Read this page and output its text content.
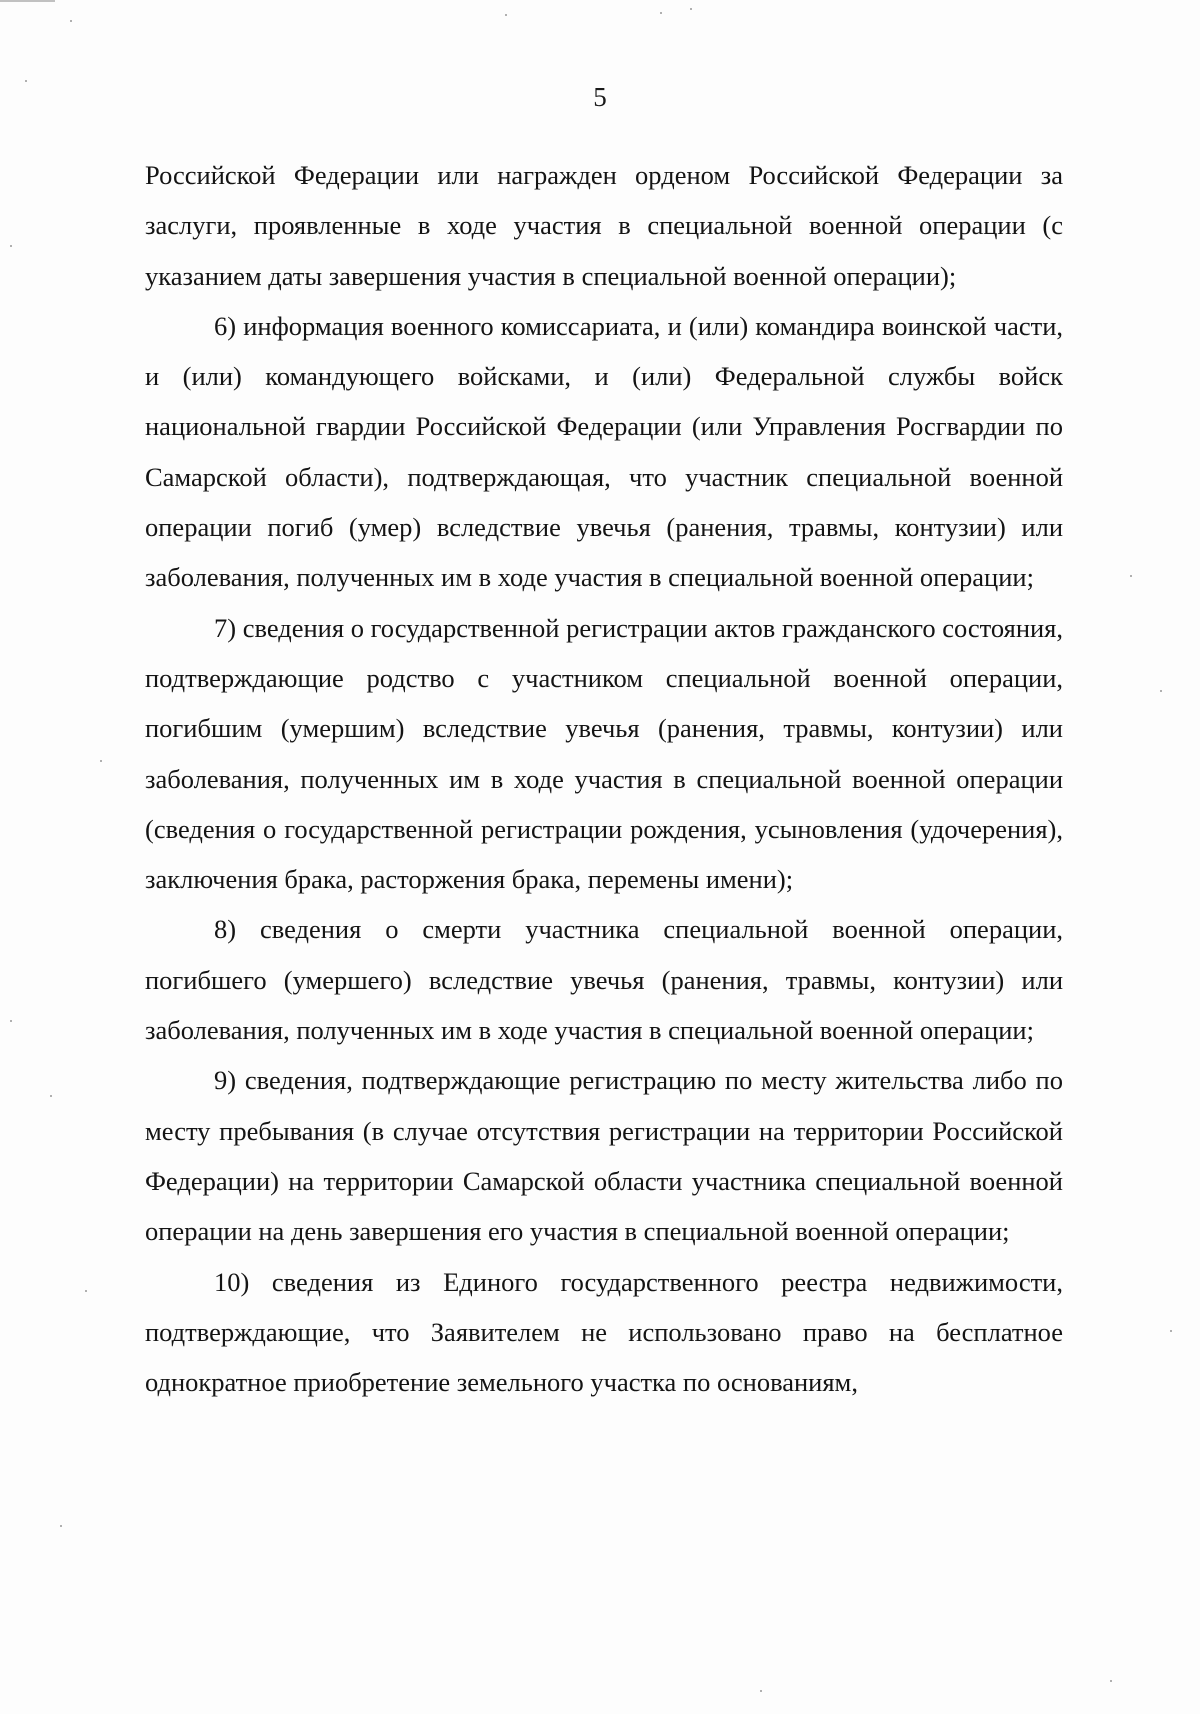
5

Российской Федерации или награжден орденом Российской Федерации за заслуги, проявленные в ходе участия в специальной военной операции (с указанием даты завершения участия в специальной военной операции);

6) информация военного комиссариата, и (или) командира воинской части, и (или) командующего войсками, и (или) Федеральной службы войск национальной гвардии Российской Федерации (или Управления Росгвардии по Самарской области), подтверждающая, что участник специальной военной операции погиб (умер) вследствие увечья (ранения, травмы, контузии) или заболевания, полученных им в ходе участия в специальной военной операции;

7) сведения о государственной регистрации актов гражданского состояния, подтверждающие родство с участником специальной военной операции, погибшим (умершим) вследствие увечья (ранения, травмы, контузии) или заболевания, полученных им в ходе участия в специальной военной операции (сведения о государственной регистрации рождения, усыновления (удочерения), заключения брака, расторжения брака, перемены имени);

8) сведения о смерти участника специальной военной операции, погибшего (умершего) вследствие увечья (ранения, травмы, контузии) или заболевания, полученных им в ходе участия в специальной военной операции;

9) сведения, подтверждающие регистрацию по месту жительства либо по месту пребывания (в случае отсутствия регистрации на территории Российской Федерации) на территории Самарской области участника специальной военной операции на день завершения его участия в специальной военной операции;

10) сведения из Единого государственного реестра недвижимости, подтверждающие, что Заявителем не использовано право на бесплатное однократное приобретение земельного участка по основаниям,
